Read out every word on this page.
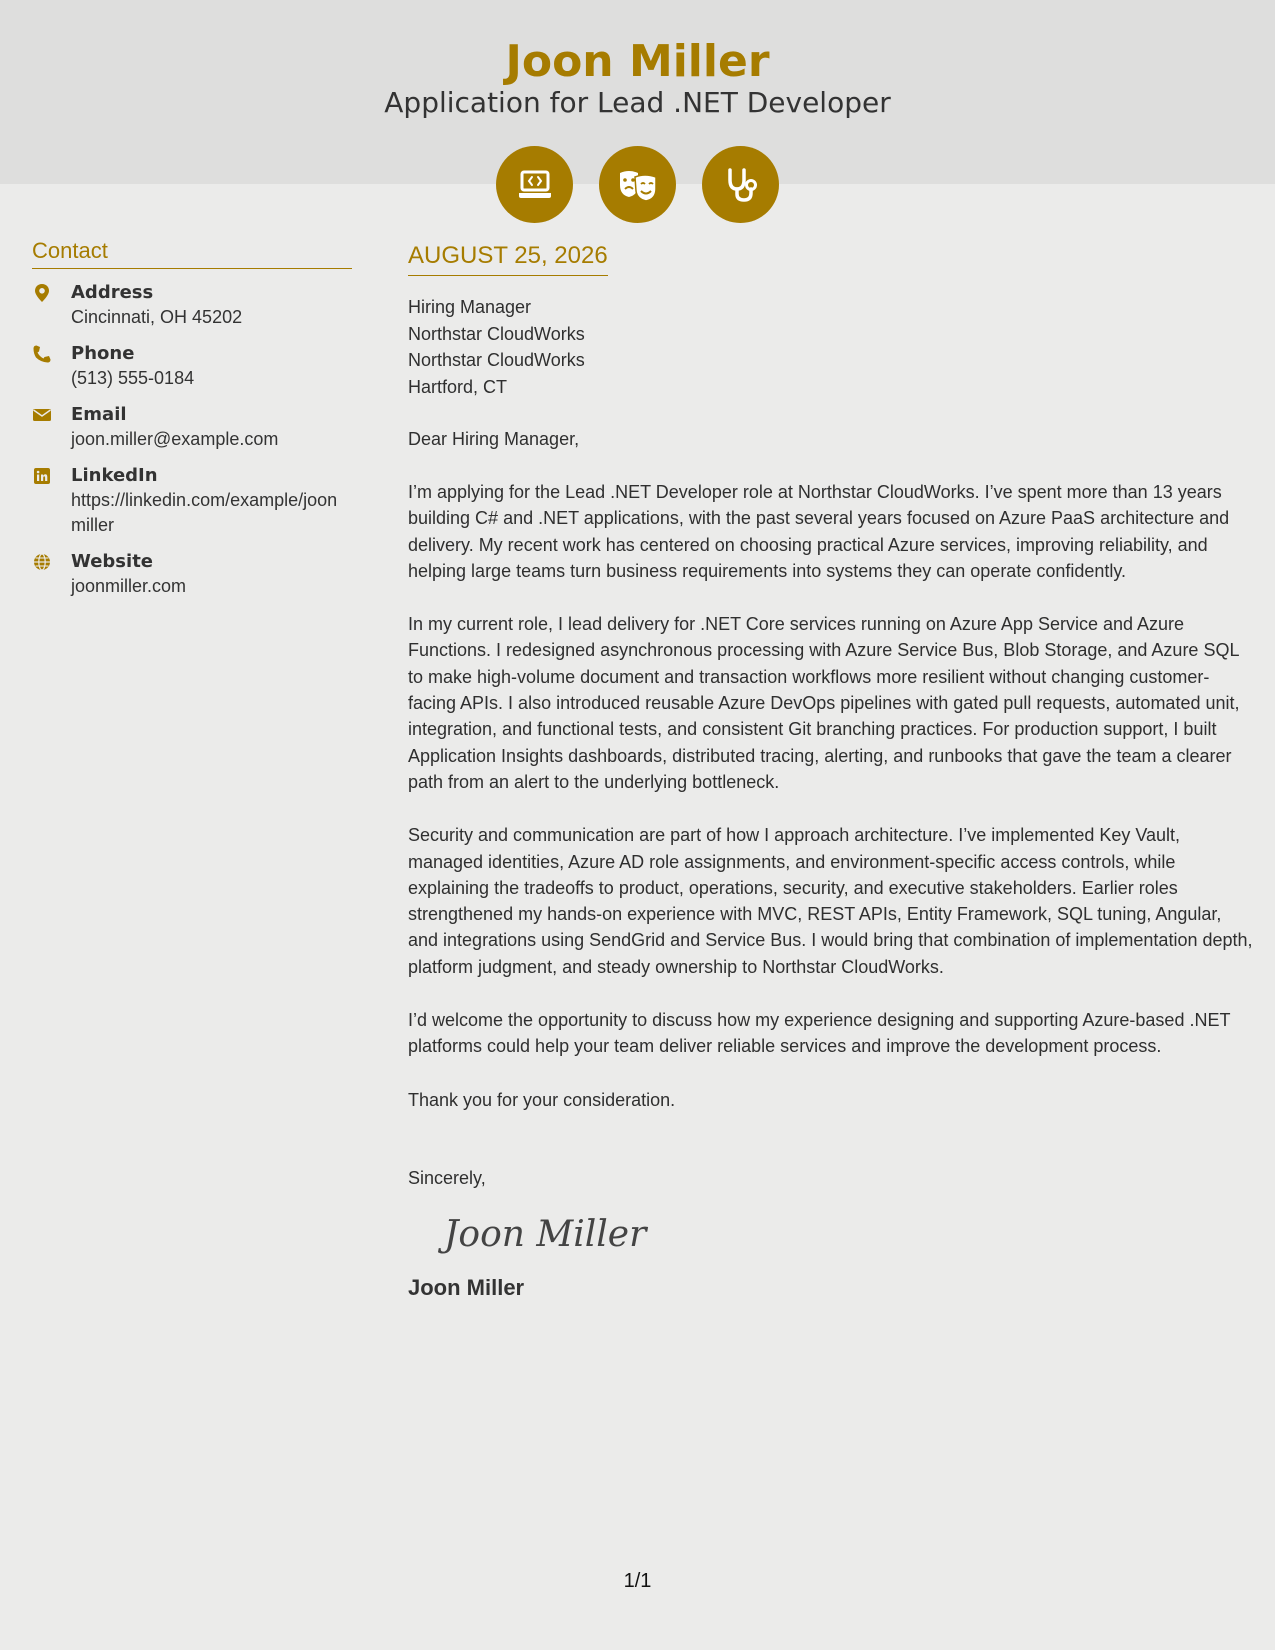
Joon Miller
Application for Lead .NET Developer
Contact
Address
Cincinnati, OH 45202
Phone
(513) 555-0184
Email
joon.miller@example.com
LinkedIn
https://linkedin.com/example/joonmiller
Website
joonmiller.com
AUGUST 25, 2026
Hiring Manager
Northstar CloudWorks
Northstar CloudWorks
Hartford, CT
Dear Hiring Manager,
I’m applying for the Lead .NET Developer role at Northstar CloudWorks. I’ve spent more than 13 years building C# and .NET applications, with the past several years focused on Azure PaaS architecture and delivery. My recent work has centered on choosing practical Azure services, improving reliability, and helping large teams turn business requirements into systems they can operate confidently.
In my current role, I lead delivery for .NET Core services running on Azure App Service and Azure Functions. I redesigned asynchronous processing with Azure Service Bus, Blob Storage, and Azure SQL to make high-volume document and transaction workflows more resilient without changing customer-facing APIs. I also introduced reusable Azure DevOps pipelines with gated pull requests, automated unit, integration, and functional tests, and consistent Git branching practices. For production support, I built Application Insights dashboards, distributed tracing, alerting, and runbooks that gave the team a clearer path from an alert to the underlying bottleneck.
Security and communication are part of how I approach architecture. I’ve implemented Key Vault, managed identities, Azure AD role assignments, and environment-specific access controls, while explaining the tradeoffs to product, operations, security, and executive stakeholders. Earlier roles strengthened my hands-on experience with MVC, REST APIs, Entity Framework, SQL tuning, Angular, and integrations using SendGrid and Service Bus. I would bring that combination of implementation depth, platform judgment, and steady ownership to Northstar CloudWorks.
I’d welcome the opportunity to discuss how my experience designing and supporting Azure-based .NET platforms could help your team deliver reliable services and improve the development process.
Thank you for your consideration.
Sincerely,
Joon Miller
Joon Miller
1/1
